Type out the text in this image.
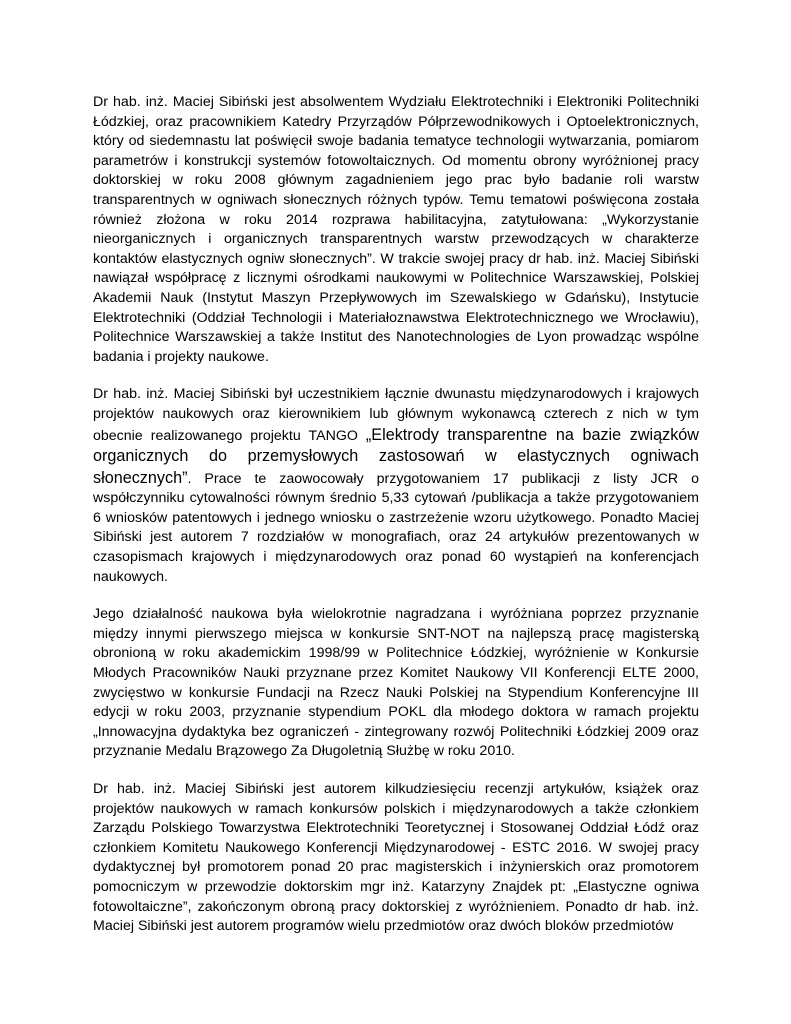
Dr hab. inż. Maciej Sibiński jest absolwentem Wydziału Elektrotechniki i Elektroniki Politechniki Łódzkiej, oraz pracownikiem Katedry Przyrządów Półprzewodnikowych i Optoelektronicznych, który od siedemnastu lat poświęcił swoje badania tematyce technologii wytwarzania, pomiarom parametrów i konstrukcji systemów fotowoltaicznych. Od momentu obrony wyróżnionej pracy doktorskiej w roku 2008 głównym zagadnieniem jego prac było badanie roli warstw transparentnych w ogniwach słonecznych różnych typów. Temu tematowi poświęcona została również złożona w roku 2014 rozprawa habilitacyjna, zatytułowana: „Wykorzystanie nieorganicznych i organicznych transparentnych warstw przewodzących w charakterze kontaktów elastycznych ogniw słonecznych”. W trakcie swojej pracy dr hab. inż. Maciej Sibiński nawiązał współpracę z licznymi ośrodkami naukowymi w Politechnice Warszawskiej, Polskiej Akademii Nauk (Instytut Maszyn Przepływowych im Szewalskiego w Gdańsku), Instytucie Elektrotechniki (Oddział Technologii i Materiałoznawstwa Elektrotechnicznego we Wrocławiu), Politechnice Warszawskiej a także Institut des Nanotechnologies de Lyon prowadząc wspólne badania i projekty naukowe.

Dr hab. inż. Maciej Sibiński był uczestnikiem łącznie dwunastu międzynarodowych i krajowych projektów naukowych oraz kierownikiem lub głównym wykonawcą czterech z nich w tym obecnie realizowanego projektu TANGO „Elektrody transparentne na bazie związków organicznych do przemysłowych zastosowań w elastycznych ogniwach słonecznych”. Prace te zaowocowały przygotowaniem 17 publikacji z listy JCR o współczynniku cytowalności równym średnio 5,33 cytowań /publikacja a także przygotowaniem 6 wniosków patentowych i jednego wniosku o zastrzeżenie wzoru użytkowego. Ponadto Maciej Sibiński jest autorem 7 rozdziałów w monografiach, oraz 24 artykułów prezentowanych w czasopismach krajowych i międzynarodowych oraz ponad 60 wystąpień na konferencjach naukowych.

Jego działalność naukowa była wielokrotnie nagradzana i wyróżniana poprzez przyznanie między innymi pierwszego miejsca w konkursie SNT-NOT na najlepszą pracę magisterską obronioną w roku akademickim 1998/99 w Politechnice Łódzkiej, wyróżnienie w Konkursie Młodych Pracowników Nauki przyznane przez Komitet Naukowy VII Konferencji ELTE 2000, zwycięstwo w konkursie Fundacji na Rzecz Nauki Polskiej na Stypendium Konferencyjne III edycji w roku 2003, przyznanie stypendium POKL dla młodego doktora w ramach projektu „Innowacyjna dydaktyka bez ograniczeń - zintegrowany rozwój Politechniki Łódzkiej 2009 oraz przyznanie Medalu Brązowego Za Długoletnią Służbę w roku 2010.

Dr hab. inż. Maciej Sibiński jest autorem kilkudziesięciu recenzji artykułów, książek oraz projektów naukowych w ramach konkursów polskich i międzynarodowych a także członkiem Zarządu Polskiego Towarzystwa Elektrotechniki Teoretycznej i Stosowanej Oddział Łódź oraz członkiem Komitetu Naukowego Konferencji Międzynarodowej - ESTC 2016. W swojej pracy dydaktycznej był promotorem ponad 20 prac magisterskich i inżynierskich oraz promotorem pomocniczym w przewodzie doktorskim mgr inż. Katarzyny Znajdek pt: „Elastyczne ogniwa fotowoltaiczne”, zakończonym obroną pracy doktorskiej z wyróżnieniem. Ponadto dr hab. inż. Maciej Sibiński jest autorem programów wielu przedmiotów oraz dwóch bloków przedmiotów
